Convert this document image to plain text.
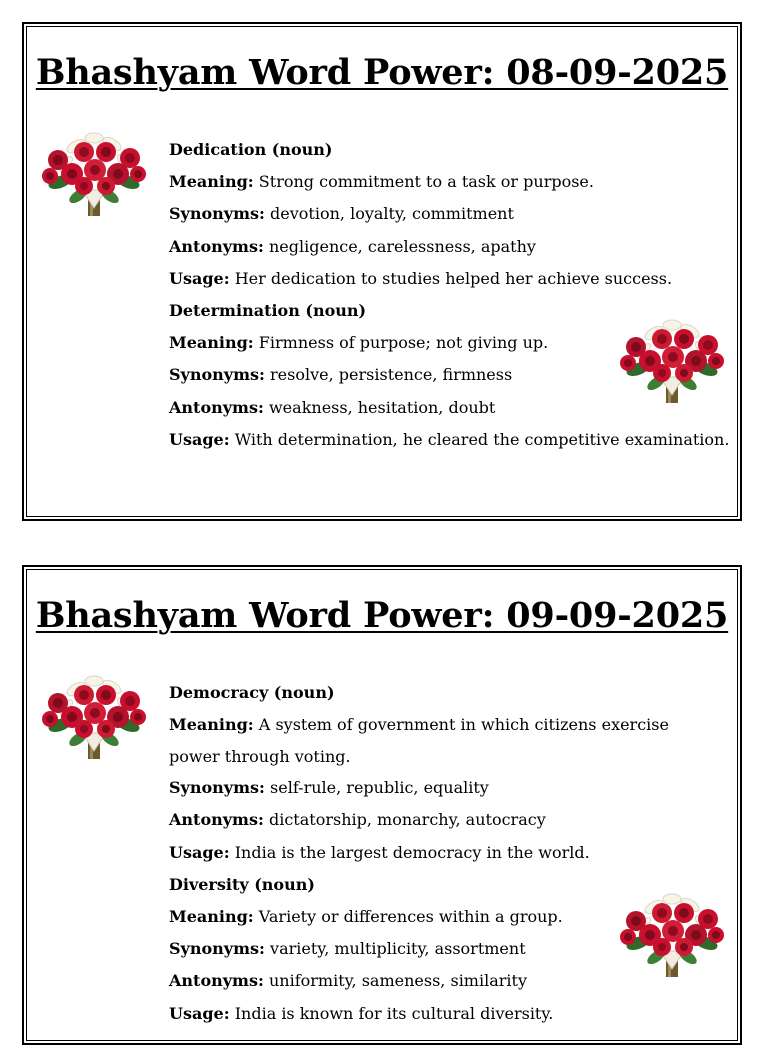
Bhashyam Word Power: 08-09-2025
Dedication (noun)
Meaning: Strong commitment to a task or purpose.
Synonyms: devotion, loyalty, commitment
Antonyms: negligence, carelessness, apathy
Usage: Her dedication to studies helped her achieve success.
Determination (noun)
Meaning: Firmness of purpose; not giving up.
Synonyms: resolve, persistence, firmness
Antonyms: weakness, hesitation, doubt
Usage: With determination, he cleared the competitive examination.
Bhashyam Word Power: 09-09-2025
Democracy (noun)
Meaning: A system of government in which citizens exercise power through voting.
Synonyms: self-rule, republic, equality
Antonyms: dictatorship, monarchy, autocracy
Usage: India is the largest democracy in the world.
Diversity (noun)
Meaning: Variety or differences within a group.
Synonyms: variety, multiplicity, assortment
Antonyms: uniformity, sameness, similarity
Usage: India is known for its cultural diversity.
